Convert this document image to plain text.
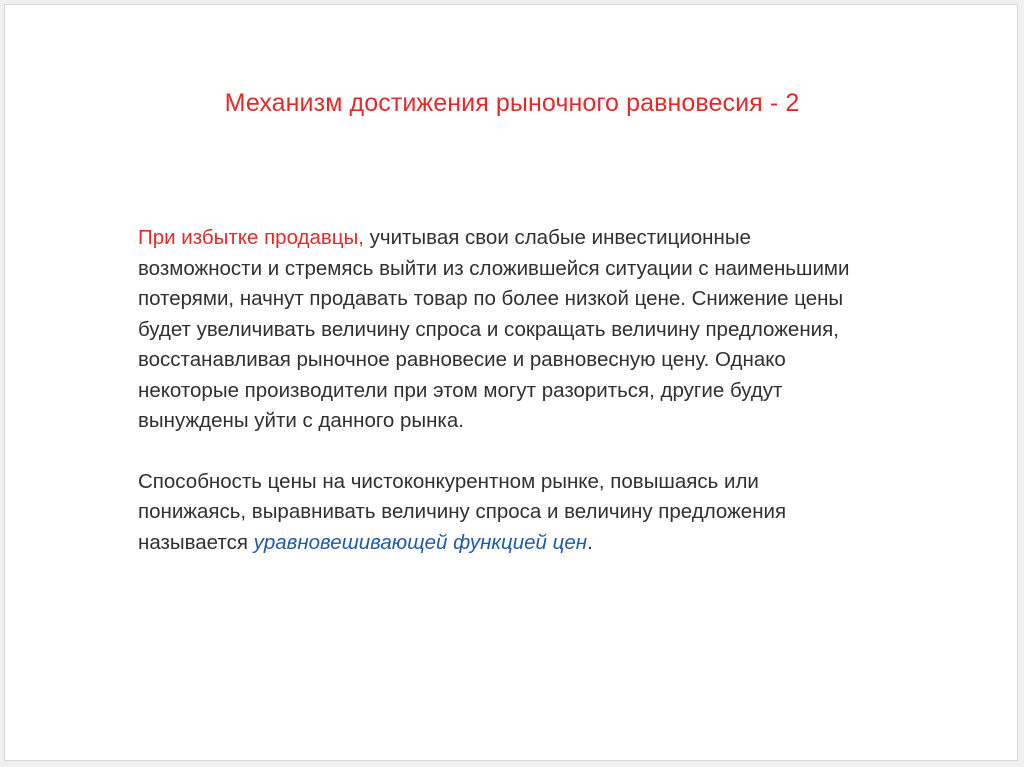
Механизм достижения рыночного равновесия - 2

При избытке продавцы, учитывая свои слабые инвестиционные
возможности и стремясь выйти из сложившейся ситуации с наименьшими
потерями, начнут продавать товар по более низкой цене. Снижение цены
будет увеличивать величину спроса и сокращать величину предложения,
восстанавливая рыночное равновесие и равновесную цену. Однако
некоторые производители при этом могут разориться, другие будут
вынуждены уйти с данного рынка.

Способность цены на чистоконкурентном рынке, повышаясь или
понижаясь, выравнивать величину спроса и величину предложения
называется уравновешивающей функцией цен.
